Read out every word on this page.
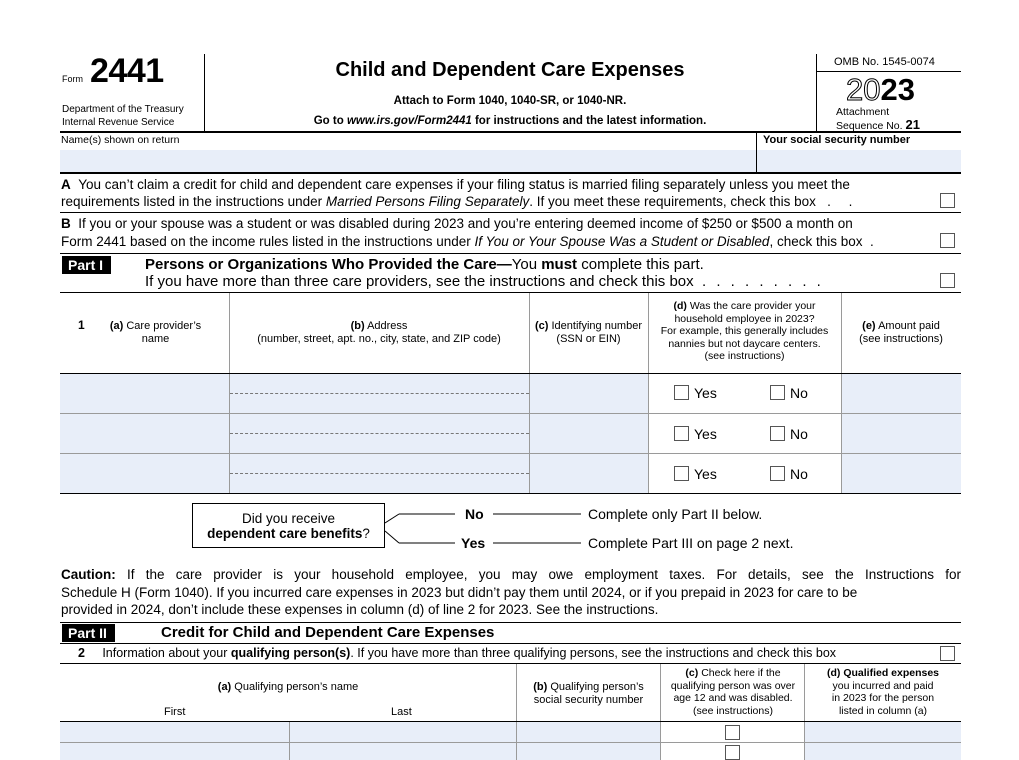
Form 2441
Department of the Treasury
Internal Revenue Service
Child and Dependent Care Expenses
Attach to Form 1040, 1040-SR, or 1040-NR.
Go to www.irs.gov/Form2441 for instructions and the latest information.
OMB No. 1545-0074
2023
Attachment
Sequence No. 21
Name(s) shown on return	Your social security number
A You can’t claim a credit for child and dependent care expenses if your filing status is married filing separately unless you meet the
requirements listed in the instructions under Married Persons Filing Separately. If you meet these requirements, check this box . .
B If you or your spouse was a student or was disabled during 2023 and you’re entering deemed income of $250 or $500 a month on
Form 2441 based on the income rules listed in the instructions under If You or Your Spouse Was a Student or Disabled, check this box .
Part I	Persons or Organizations Who Provided the Care—You must complete this part.
If you have more than three care providers, see the instructions and check this box . . . . . . . . .
1	(a) Care provider’s
name
(b) Address
(number, street, apt. no., city, state, and ZIP code)
(c) Identifying number
(SSN or EIN)
(d) Was the care provider your
household employee in 2023?
For example, this generally includes
nannies but not daycare centers.
(see instructions)
(e) Amount paid
(see instructions)
Yes	No
Yes	No
Yes	No
Did you receive
dependent care benefits?
No	Complete only Part II below.
Yes	Complete Part III on page 2 next.
Caution: If the care provider is your household employee, you may owe employment taxes. For details, see the Instructions for
Schedule H (Form 1040). If you incurred care expenses in 2023 but didn’t pay them until 2024, or if you prepaid in 2023 for care to be
provided in 2024, don’t include these expenses in column (d) of line 2 for 2023. See the instructions.
Part II	Credit for Child and Dependent Care Expenses
2 Information about your qualifying person(s). If you have more than three qualifying persons, see the instructions and check this box
(a) Qualifying person’s name
First	Last
(b) Qualifying person’s
social security number
(c) Check here if the
qualifying person was over
age 12 and was disabled.
(see instructions)
(d) Qualified expenses
you incurred and paid
in 2023 for the person
listed in column (a)
